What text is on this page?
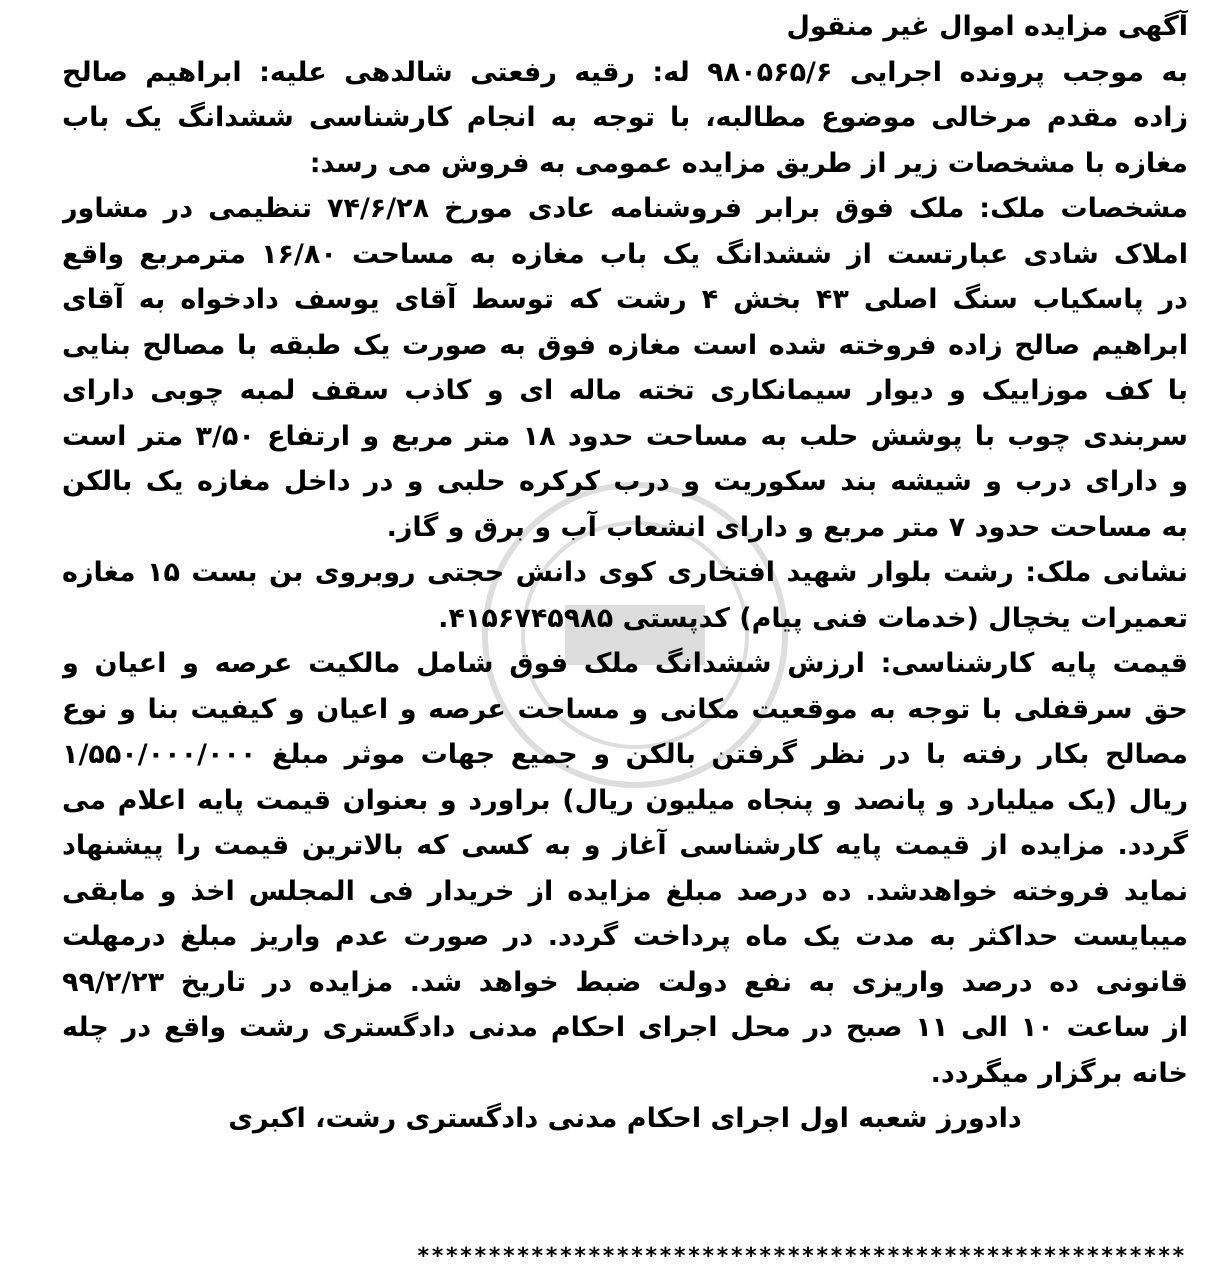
آگهی مزایده اموال غیر منقول
به موجب پرونده اجرایی ۹۸۰۵۶۵/۶ له: رقیه رفعتی شالدهی علیه: ابراهیم صالح
زاده مقدم مرخالی موضوع مطالبه، با توجه به انجام کارشناسی ششدانگ یک باب
مغازه با مشخصات زیر از طریق مزایده عمومی به فروش می رسد:
مشخصات ملک: ملک فوق برابر فروشنامه عادی مورخ ۷۴/۶/۲۸ تنظیمی در مشاور
املاک شادی عبارتست از ششدانگ یک باب مغازه به مساحت ۱۶/۸۰ مترمربع واقع
در پاسکیاب سنگ اصلی ۴۳ بخش ۴ رشت که توسط آقای یوسف دادخواه به آقای
ابراهیم صالح زاده فروخته شده است مغازه فوق به صورت یک طبقه با مصالح بنایی
با کف موزاییک و دیوار سیمانکاری تخته ماله ای و کاذب سقف لمبه چوبی دارای
سربندی چوب با پوشش حلب به مساحت حدود ۱۸ متر مربع و ارتفاع ۳/۵۰ متر است
و دارای درب و شیشه بند سکوریت و درب کرکره حلبی و در داخل مغازه یک بالکن
به مساحت حدود ۷ متر مربع و دارای انشعاب آب و برق و گاز.
نشانی ملک: رشت بلوار شهید افتخاری کوی دانش حجتی روبروی بن بست ۱۵ مغازه
تعمیرات یخچال (خدمات فنی پیام) کدپستی ۴۱۵۶۷۴۵۹۸۵.
قیمت پایه کارشناسی: ارزش ششدانگ ملک فوق شامل مالکیت عرصه و اعیان و
حق سرقفلی با توجه به موقعیت مکانی و مساحت عرصه و اعیان و کیفیت بنا و نوع
مصالح بکار رفته با در نظر گرفتن بالکن و جمیع جهات موثر مبلغ ۱/۵۵۰/۰۰۰/۰۰۰
ریال (یک میلیارد و پانصد و پنجاه میلیون ریال) براورد و بعنوان قیمت پایه اعلام می
گردد. مزایده از قیمت پایه کارشناسی آغاز و به کسی که بالاترین قیمت را پیشنهاد
نماید فروخته خواهدشد. ده درصد مبلغ مزایده از خریدار فی المجلس اخذ و مابقی
میبایست حداکثر به مدت یک ماه پرداخت گردد. در صورت عدم واریز مبلغ درمهلت
قانونی ده درصد واریزی به نفع دولت ضبط خواهد شد. مزایده در تاریخ ۹۹/۲/۲۳
از ساعت ۱۰ الی ۱۱ صبح در محل اجرای احکام مدنی دادگستری رشت واقع در چله
خانه برگزار میگردد.
دادورز شعبه اول اجرای احکام مدنی دادگستری رشت، اکبری
******************************************************
